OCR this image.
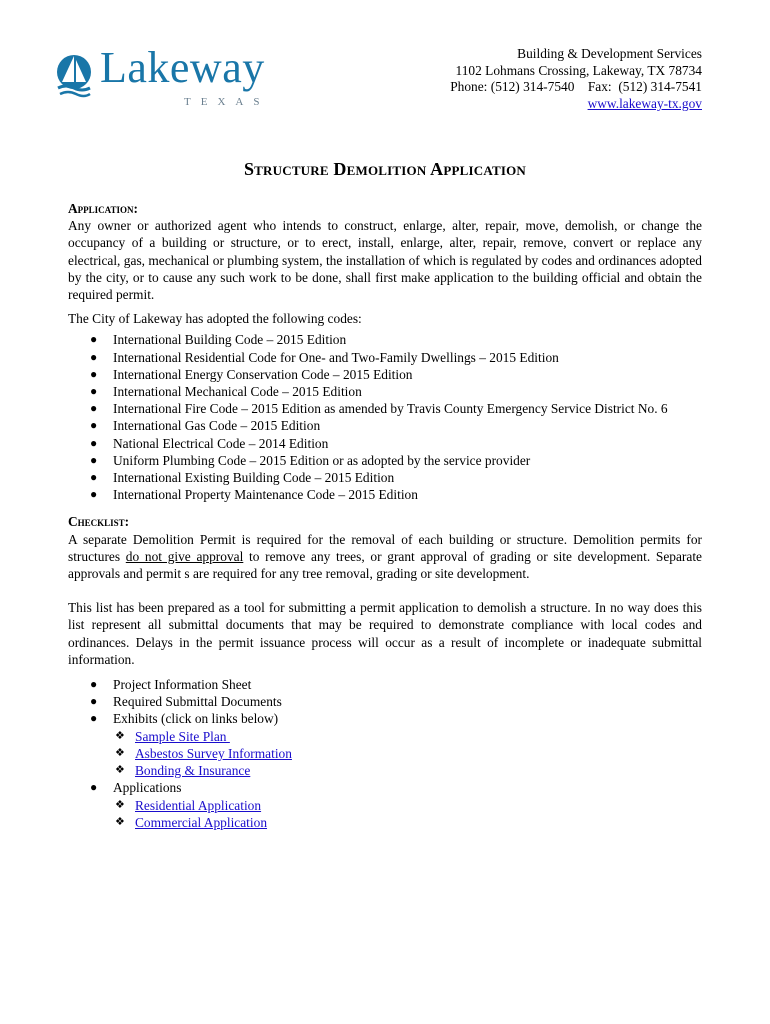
Lakeway
TEXAS
Building & Development Services
1102 Lohmans Crossing, Lakeway, TX 78734
Phone: (512) 314-7540    Fax:  (512) 314-7541
www.lakeway-tx.gov
Structure Demolition Application
Application:

Any owner or authorized agent who intends to construct, enlarge, alter, repair, move, demolish, or change the occupancy of a building or structure, or to erect, install, enlarge, alter, repair, remove, convert or replace any electrical, gas, mechanical or plumbing system, the installation of which is regulated by codes and ordinances adopted by the city, or to cause any such work to be done, shall first make application to the building official and obtain the required permit.

The City of Lakeway has adopted the following codes:

● International Building Code – 2015 Edition
● International Residential Code for One- and Two-Family Dwellings – 2015 Edition
● International Energy Conservation Code – 2015 Edition
● International Mechanical Code – 2015 Edition
● International Fire Code – 2015 Edition as amended by Travis County Emergency Service District No. 6
● International Gas Code – 2015 Edition
● National Electrical Code – 2014 Edition
● Uniform Plumbing Code – 2015 Edition or as adopted by the service provider
● International Existing Building Code – 2015 Edition
● International Property Maintenance Code – 2015 Edition
Checklist:

A separate Demolition Permit is required for the removal of each building or structure. Demolition permits for structures do not give approval to remove any trees, or grant approval of grading or site development. Separate approvals and permit s are required for any tree removal, grading or site development.

This list has been prepared as a tool for submitting a permit application to demolish a structure. In no way does this list represent all submittal documents that may be required to demonstrate compliance with local codes and ordinances. Delays in the permit issuance process will occur as a result of incomplete or inadequate submittal information.

● Project Information Sheet
● Required Submittal Documents
● Exhibits (click on links below)
❖ Sample Site Plan
❖ Asbestos Survey Information
❖ Bonding & Insurance
● Applications
❖ Residential Application
❖ Commercial Application
